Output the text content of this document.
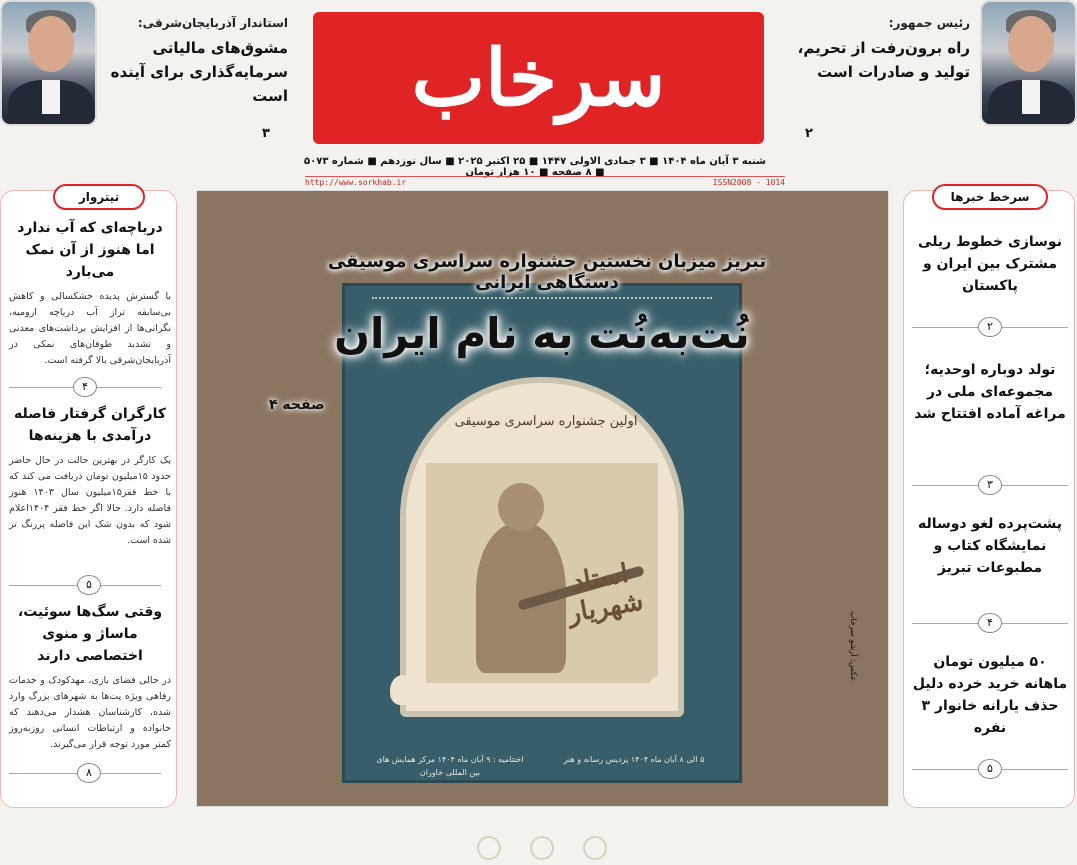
استاندار آذربایجان‌شرقی:
مشوق‌های مالیاتی
سرمایه‌گذاری برای آینده است
۳
سرخاب
رئیس جمهور:
راه برون‌رفت از تحریم،
تولید و صادرات است
۲
شنبه ۳ آبان ماه ۱۴۰۴ ■ ۳ جمادی الاولی ۱۴۴۷ ■ ۲۵ اکتبر ۲۰۲۵ ■ سال نوزدهم ■ شماره ۵۰۷۳ ■ ۸ صفحه ■ ۱۰ هزار تومان
http://www.sorkhab.ir	ISSN2008 - 1014
تیتروار
دریاچه‌ای که آب ندارد اما هنوز از آن نمک می‌بارد
با گسترش پدیده خشکسالی و کاهش بی‌سابقه تراز آب دریاچه ارومیه، نگرانی‌ها از افزایش برداشت‌های معدنی و تشدید طوفان‌های نمکی در آذربایجان‌شرقی بالا گرفته است.
۴
کارگران گرفتار فاصله درآمدی با هزینه‌ها
یک کارگر در بهترین حالت در حال حاضر حدود ۱۵میلیون تومان دریافت می کند که با خط فقر۱۵میلیون سال ۱۴۰۳ هنوز فاصله دارد. حالا اگر خط فقر ۱۴۰۴اعلام شود که بدون شک این فاصله پررنگ تر شده است.
۵
وقتی سگ‌ها سوئیت، ماساژ و منوی اختصاصی دارند
در حالی فضای بازی، مهدکودک و خدمات رفاهی ویژه پت‌ها به شهرهای بزرگ وارد شده، کارشناسان هشدار می‌دهند که خانواده و ارتباطات انسانی روزبه‌روز کمتر مورد توجه قرار می‌گیرند.
۸
اولین جشنواره سراسری موسیقی
استاد شهریار
۵ الی ۸ آبان ماه ۱۴۰۴ پردیس رسانه و هنر
اختتامیه : ۹ آبان ماه ۱۴۰۴ مرکز همایش های بین المللی خاوران
عکس: آرشو سرخاب
تبریز میزبان نخستین جشنواره سراسری موسیقی دستگاهی ایرانی
نُت‌به‌نُت به نام ایران
صفحه ۴
سرخط خبرها
نوسازی خطوط ریلی مشترک بین ایران و پاکستان
۲
تولد دوباره اوحدیه؛ مجموعه‌ای ملی در مراغه آماده افتتاح شد
۳
پشت‌پرده لغو دوساله نمایشگاه کتاب و مطبوعات تبریز
۴
۵۰ میلیون تومان ماهانه خرید خرده دلیل حذف یارانه خانوار ۳ نفره
۵
